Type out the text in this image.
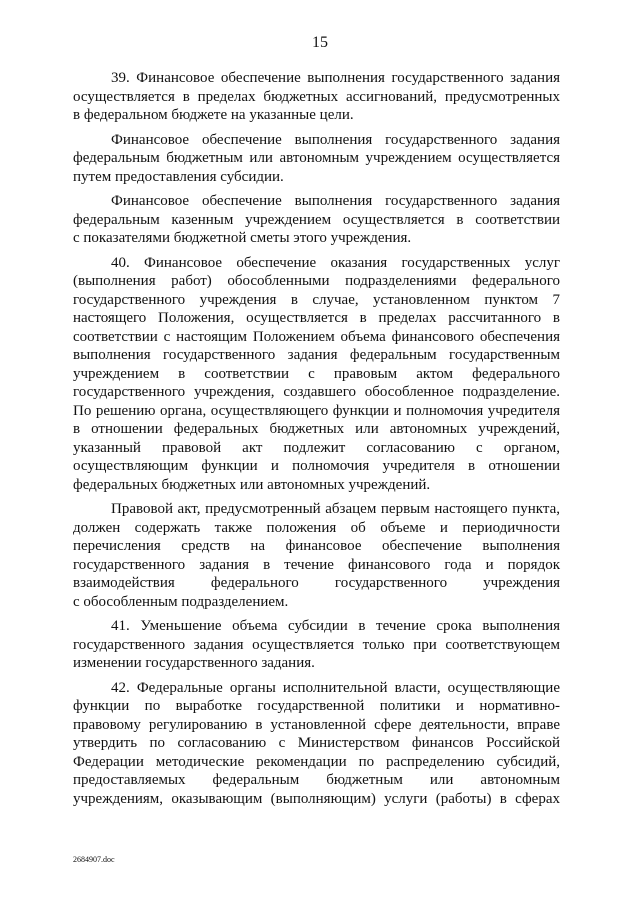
15
39. Финансовое обеспечение выполнения государственного задания
осуществляется в пределах бюджетных ассигнований, предусмотренных
в федеральном бюджете на указанные цели.
Финансовое обеспечение выполнения государственного задания
федеральным бюджетным или автономным учреждением осуществляется
путем предоставления субсидии.
Финансовое обеспечение выполнения государственного задания
федеральным казенным учреждением осуществляется в соответствии
с показателями бюджетной сметы этого учреждения.
40. Финансовое обеспечение оказания государственных услуг
(выполнения работ) обособленными подразделениями федерального
государственного учреждения в случае, установленном пунктом 7
настоящего Положения, осуществляется в пределах рассчитанного в
соответствии с настоящим Положением объема финансового обеспечения
выполнения государственного задания федеральным государственным
учреждением в соответствии с правовым актом федерального
государственного учреждения, создавшего обособленное подразделение.
По решению органа, осуществляющего функции и полномочия учредителя
в отношении федеральных бюджетных или автономных учреждений,
указанный правовой акт подлежит согласованию с органом,
осуществляющим функции и полномочия учредителя в отношении
федеральных бюджетных или автономных учреждений.
Правовой акт, предусмотренный абзацем первым настоящего пункта,
должен содержать также положения об объеме и периодичности
перечисления средств на финансовое обеспечение выполнения
государственного задания в течение финансового года и порядок
взаимодействия федерального государственного учреждения
с обособленным подразделением.
41. Уменьшение объема субсидии в течение срока выполнения
государственного задания осуществляется только при соответствующем
изменении государственного задания.
42. Федеральные органы исполнительной власти, осуществляющие
функции по выработке государственной политики и нормативно-
правовому регулированию в установленной сфере деятельности, вправе
утвердить по согласованию с Министерством финансов Российской
Федерации методические рекомендации по распределению субсидий,
предоставляемых федеральным бюджетным или автономным
учреждениям, оказывающим (выполняющим) услуги (работы) в сферах
2684907.doc
